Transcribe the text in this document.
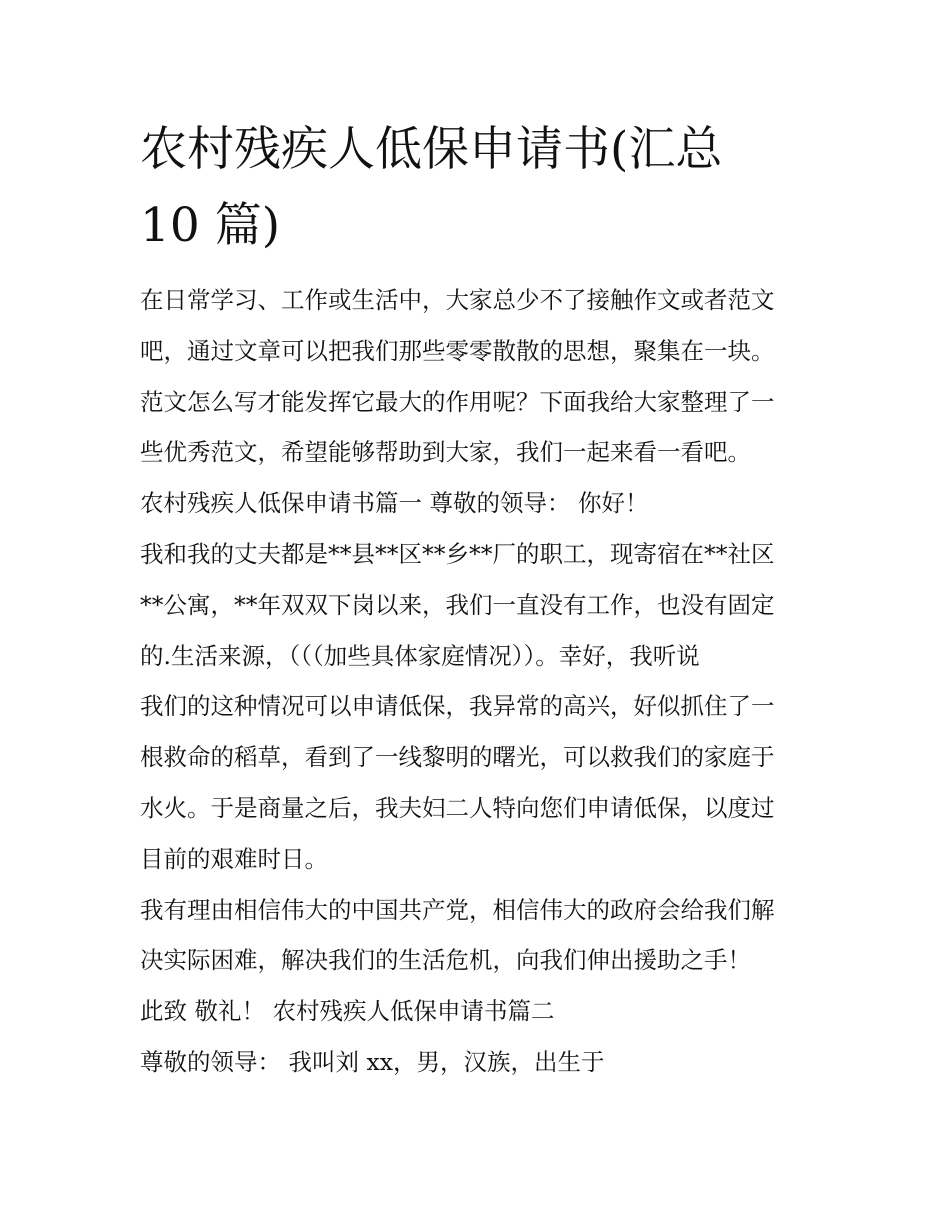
农村残疾人低保申请书(汇总
10 篇)
在日常学习、工作或生活中，大家总少不了接触作文或者范文
吧，通过文章可以把我们那些零零散散的思想，聚集在一块。
范文怎么写才能发挥它最大的作用呢？下面我给大家整理了一
些优秀范文，希望能够帮助到大家，我们一起来看一看吧。
农村残疾人低保申请书篇一 尊敬的领导： 你好！
我和我的丈夫都是**县**区**乡**厂的职工，现寄宿在**社区
**公寓，**年双双下岗以来，我们一直没有工作，也没有固定
的.生活来源，（（（加些具体家庭情况））。幸好，我听说
我们的这种情况可以申请低保，我异常的高兴，好似抓住了一
根救命的稻草，看到了一线黎明的曙光，可以救我们的家庭于
水火。于是商量之后，我夫妇二人特向您们申请低保，以度过
目前的艰难时日。
我有理由相信伟大的中国共产党，相信伟大的政府会给我们解
决实际困难，解决我们的生活危机，向我们伸出援助之手！
此致 敬礼！ 农村残疾人低保申请书篇二
尊敬的领导： 我叫刘 xx，男，汉族，出生于
